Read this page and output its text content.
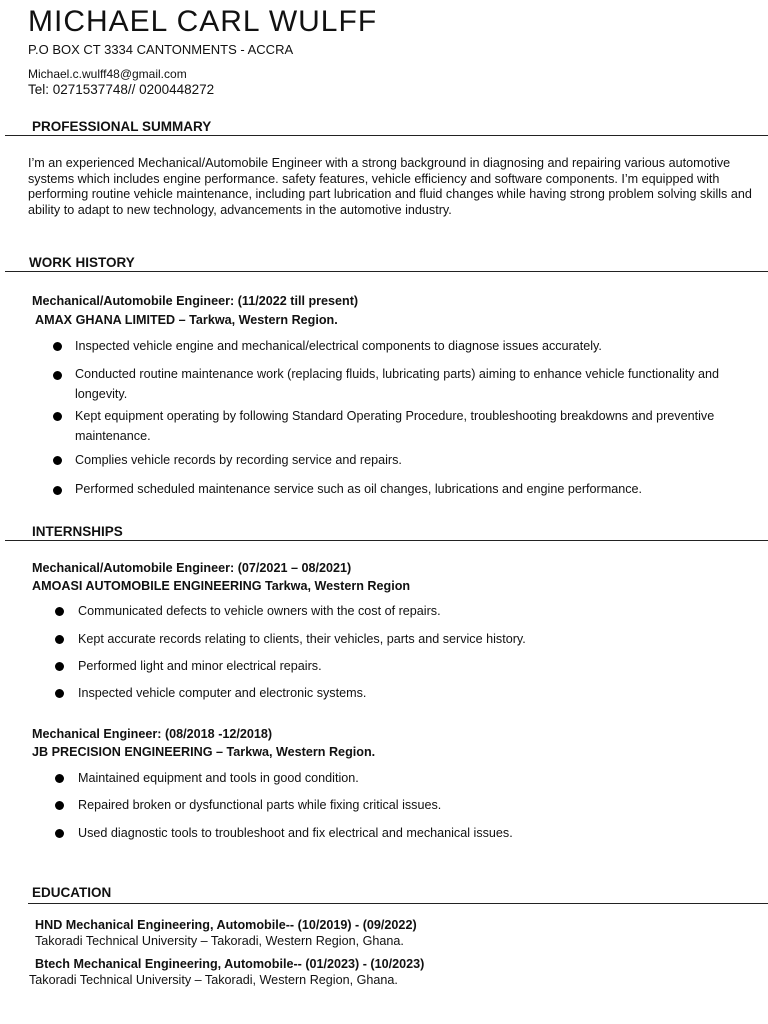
MICHAEL CARL WULFF
P.O BOX CT 3334 CANTONMENTS - ACCRA
Michael.c.wulff48@gmail.com
Tel: 0271537748// 0200448272
PROFESSIONAL SUMMARY
I’m an experienced Mechanical/Automobile Engineer with a strong background in diagnosing and repairing various automotive systems which includes engine performance. safety features, vehicle efficiency and software components. I’m equipped with performing routine vehicle maintenance, including part lubrication and fluid changes while having strong problem solving skills and ability to adapt to new technology, advancements in the automotive industry.
WORK HISTORY
Mechanical/Automobile Engineer: (11/2022 till present)
AMAX GHANA LIMITED – Tarkwa, Western Region.
Inspected vehicle engine and mechanical/electrical components to diagnose issues accurately.
Conducted routine maintenance work (replacing fluids, lubricating parts) aiming to enhance vehicle functionality and longevity.
Kept equipment operating by following Standard Operating Procedure, troubleshooting breakdowns and preventive maintenance.
Complies vehicle records by recording service and repairs.
Performed scheduled maintenance service such as oil changes, lubrications and engine performance.
INTERNSHIPS
Mechanical/Automobile Engineer: (07/2021 – 08/2021)
AMOASI AUTOMOBILE ENGINEERING Tarkwa, Western Region
Communicated defects to vehicle owners with the cost of repairs.
Kept accurate records relating to clients, their vehicles, parts and service history.
Performed light and minor electrical repairs.
Inspected vehicle computer and electronic systems.
Mechanical Engineer: (08/2018 -12/2018)
JB PRECISION ENGINEERING – Tarkwa, Western Region.
Maintained equipment and tools in good condition.
Repaired broken or dysfunctional parts while fixing critical issues.
Used diagnostic tools to troubleshoot and fix electrical and mechanical issues.
EDUCATION
HND Mechanical Engineering, Automobile-- (10/2019) - (09/2022)
Takoradi Technical University – Takoradi, Western Region, Ghana.
Btech Mechanical Engineering, Automobile-- (01/2023) - (10/2023)
Takoradi Technical University – Takoradi, Western Region, Ghana.
